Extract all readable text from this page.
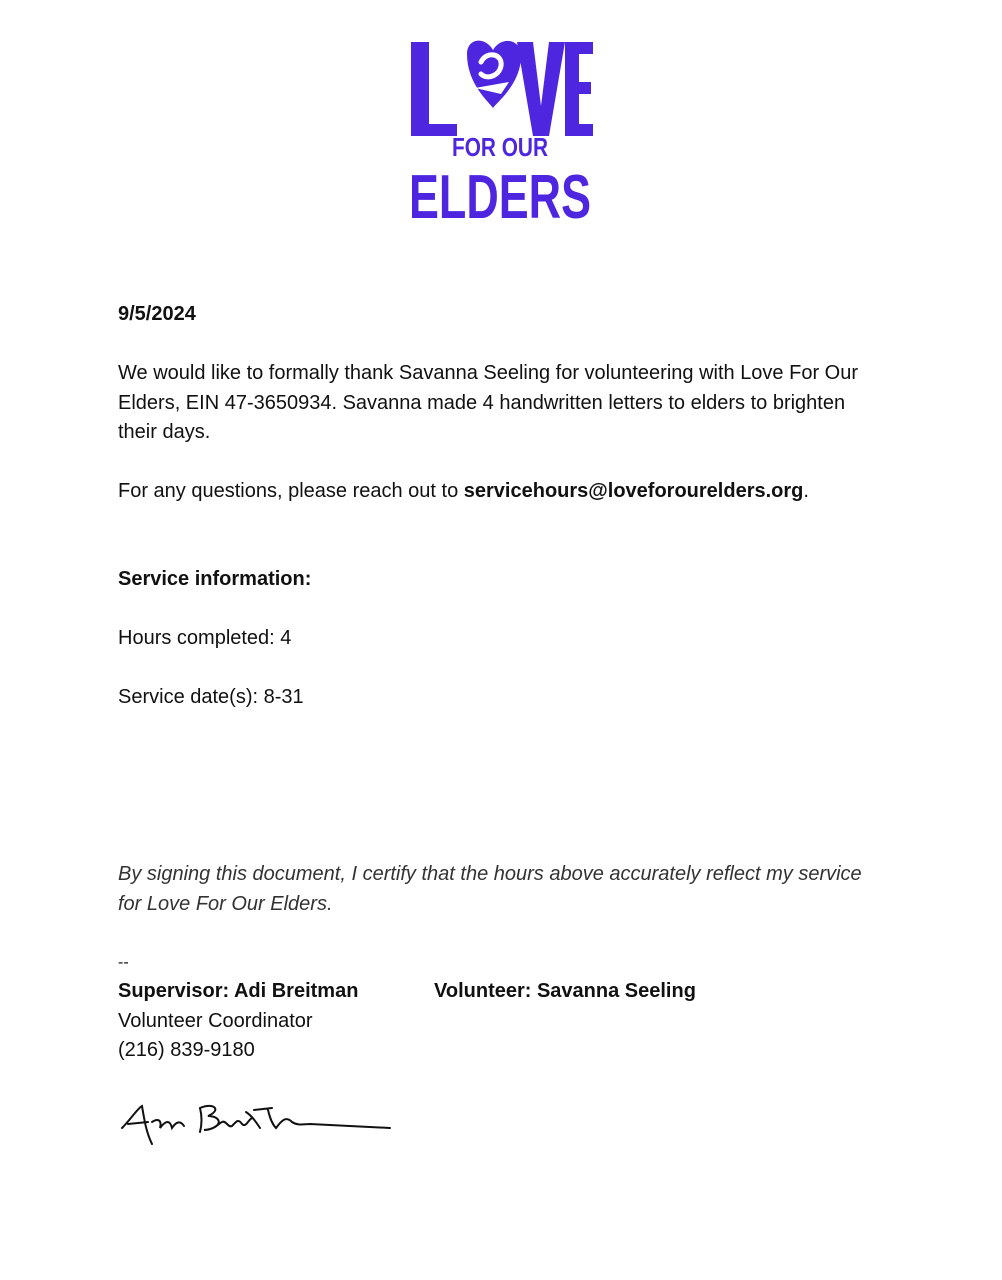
FOR OUR
ELDERS

9/5/2024

We would like to formally thank Savanna Seeling for volunteering with Love For Our Elders, EIN 47-3650934. Savanna made 4 handwritten letters to elders to brighten their days.

For any questions, please reach out to servicehours@loveforourelders.org.

Service information:

Hours completed: 4

Service date(s): 8-31

By signing this document, I certify that the hours above accurately reflect my service for Love For Our Elders.

--

Supervisor: Adi Breitman

Volunteer Coordinator

(216) 839-9180

Volunteer: Savanna Seeling
